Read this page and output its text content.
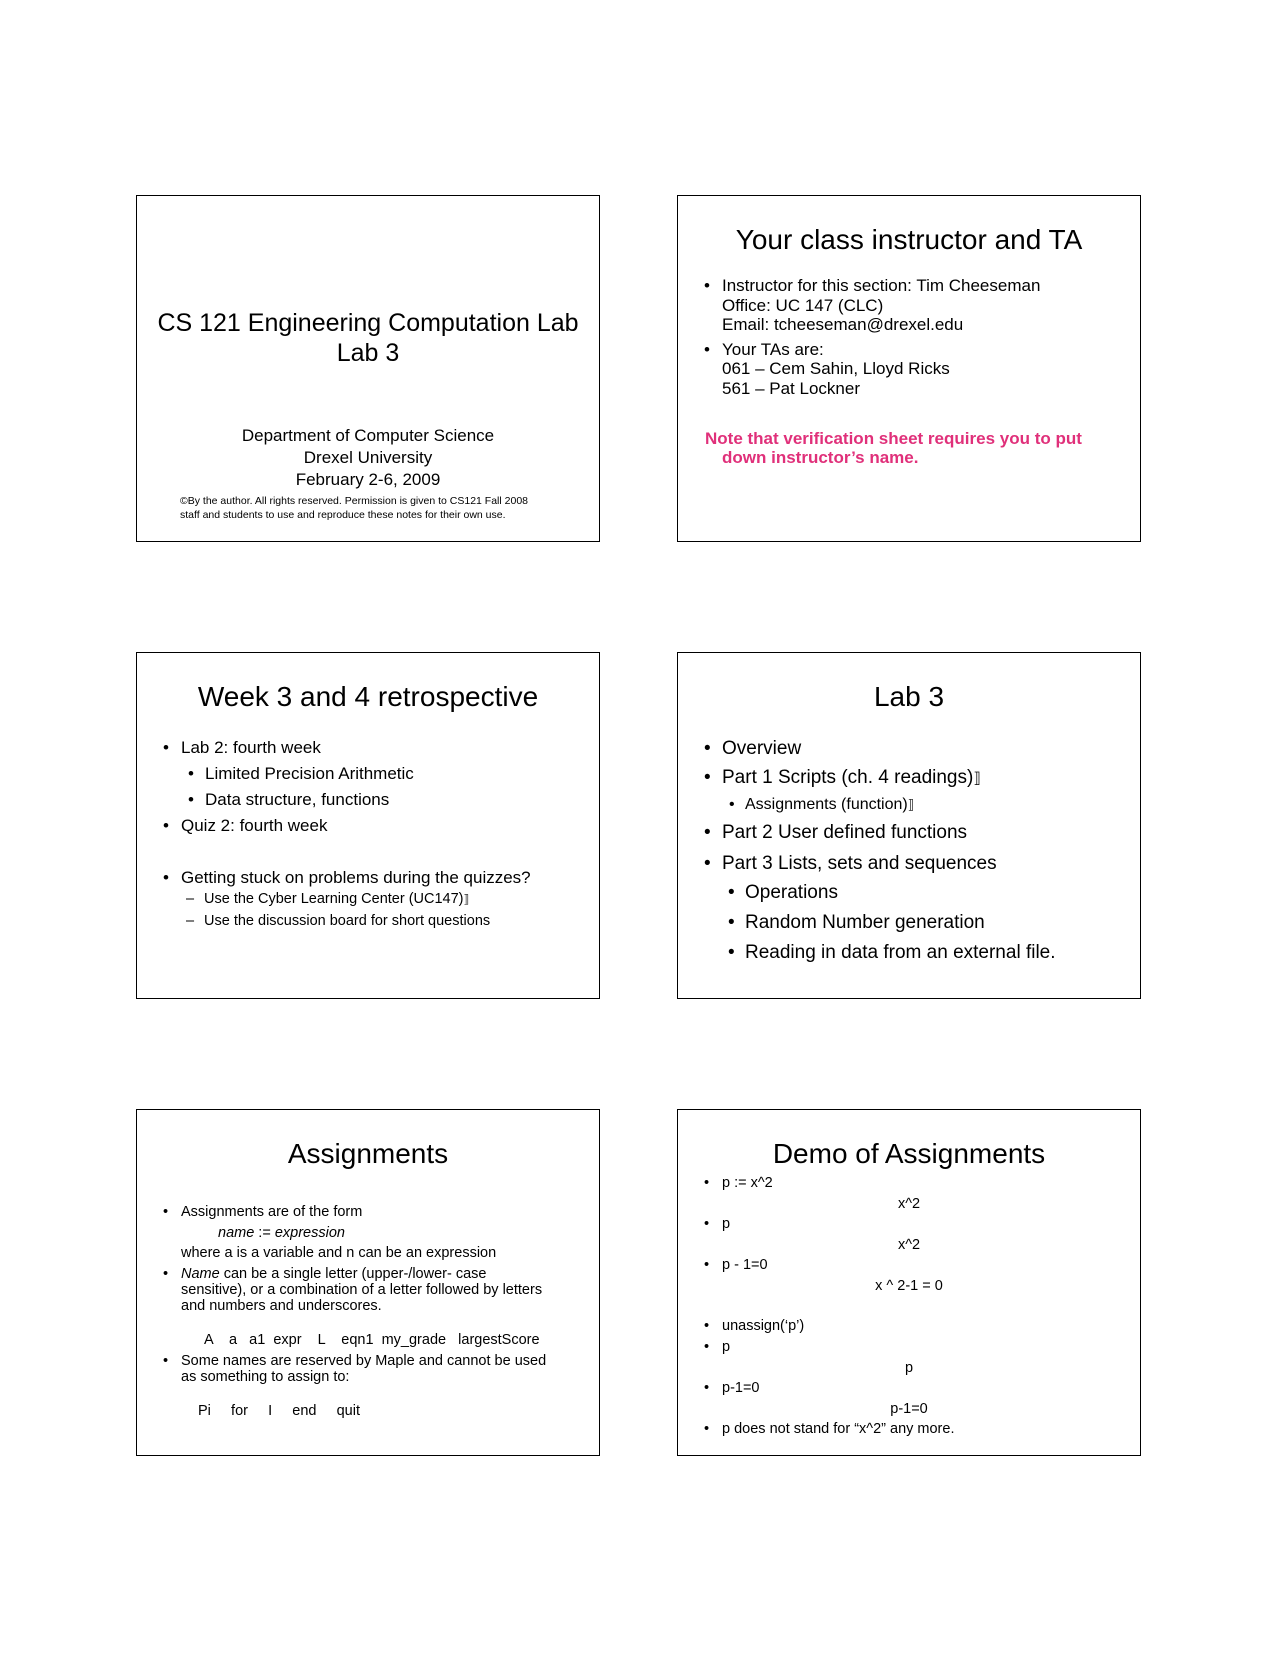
CS 121 Engineering Computation Lab
Lab 3
Department of Computer Science
Drexel University
February 2-6, 2009
©By the author. All rights reserved. Permission is given to CS121 Fall 2008
staff and students to use and reproduce these notes for their own use.
Your class instructor and TA
• Instructor for this section: Tim Cheeseman
Office: UC 147 (CLC)
Email: tcheeseman@drexel.edu
• Your TAs are:
061 – Cem Sahin, Lloyd Ricks
561 – Pat Lockner
Note that verification sheet requires you to put
down instructor’s name.
Week 3 and 4 retrospective
• Lab 2: fourth week
• Limited Precision Arithmetic
• Data structure, functions
• Quiz 2: fourth week
• Getting stuck on problems during the quizzes?
– Use the Cyber Learning Center (UC147)⟧
– Use the discussion board for short questions
Lab 3
• Overview
• Part 1 Scripts (ch. 4 readings)⟧
• Assignments (function)⟧
• Part 2 User defined functions
• Part 3 Lists, sets and sequences
• Operations
• Random Number generation
• Reading in data from an external file.
Assignments
• Assignments are of the form
name := expression
where a is a variable and n can be an expression
• Name can be a single letter (upper-/lower- case
sensitive), or a combination of a letter followed by letters
and numbers and underscores.
A    a   a1  expr    L    eqn1  my_grade   largestScore
• Some names are reserved by Maple and cannot be used
as something to assign to:
Pi     for     I     end     quit
Demo of Assignments
• p := x^2
x^2
• p
x^2
• p - 1=0
x ^ 2-1 = 0
• unassign(‘p’)
• p
p
• p-1=0
p-1=0
• p does not stand for “x^2” any more.
